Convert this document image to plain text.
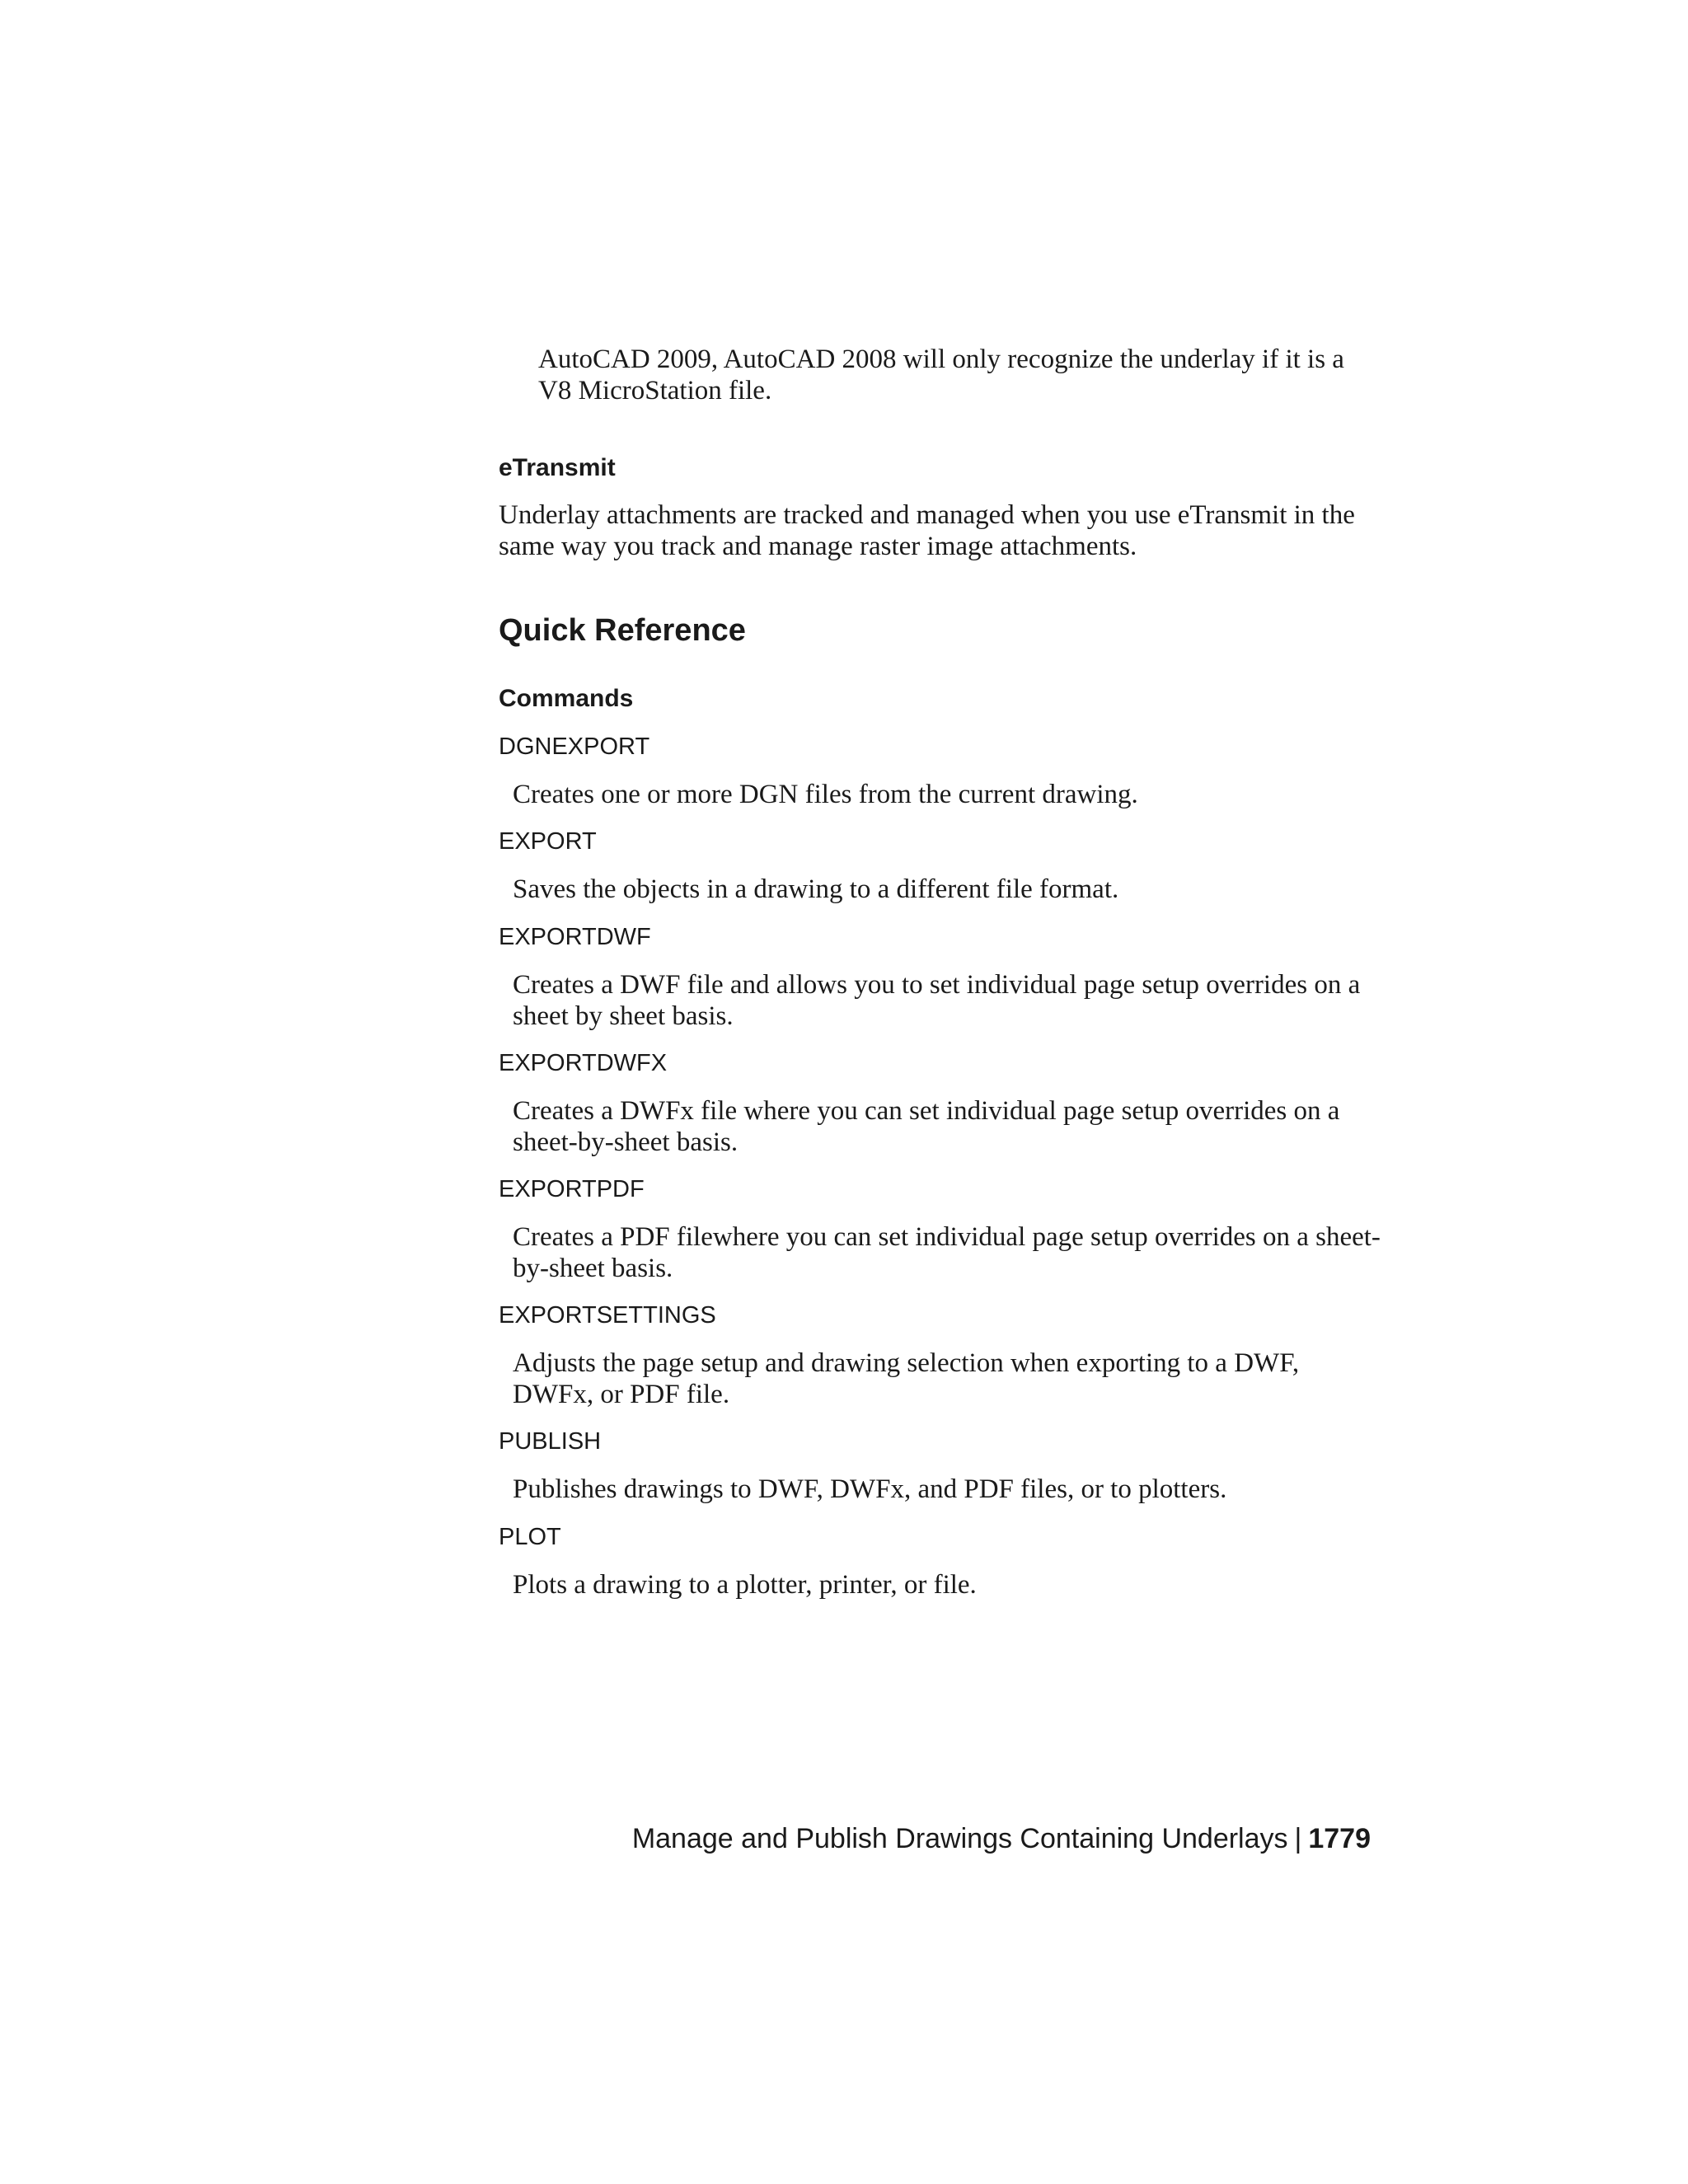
AutoCAD 2009, AutoCAD 2008 will only recognize the underlay if it is a V8 MicroStation file.
eTransmit
Underlay attachments are tracked and managed when you use eTransmit in the same way you track and manage raster image attachments.
Quick Reference
Commands
DGNEXPORT
Creates one or more DGN files from the current drawing.
EXPORT
Saves the objects in a drawing to a different file format.
EXPORTDWF
Creates a DWF file and allows you to set individual page setup overrides on a sheet by sheet basis.
EXPORTDWFX
Creates a DWFx file where you can set individual page setup overrides on a sheet-by-sheet basis.
EXPORTPDF
Creates a PDF filewhere you can set individual page setup overrides on a sheet-by-sheet basis.
EXPORTSETTINGS
Adjusts the page setup and drawing selection when exporting to a DWF, DWFx, or PDF file.
PUBLISH
Publishes drawings to DWF, DWFx, and PDF files, or to plotters.
PLOT
Plots a drawing to a plotter, printer, or file.
Manage and Publish Drawings Containing Underlays | 1779
